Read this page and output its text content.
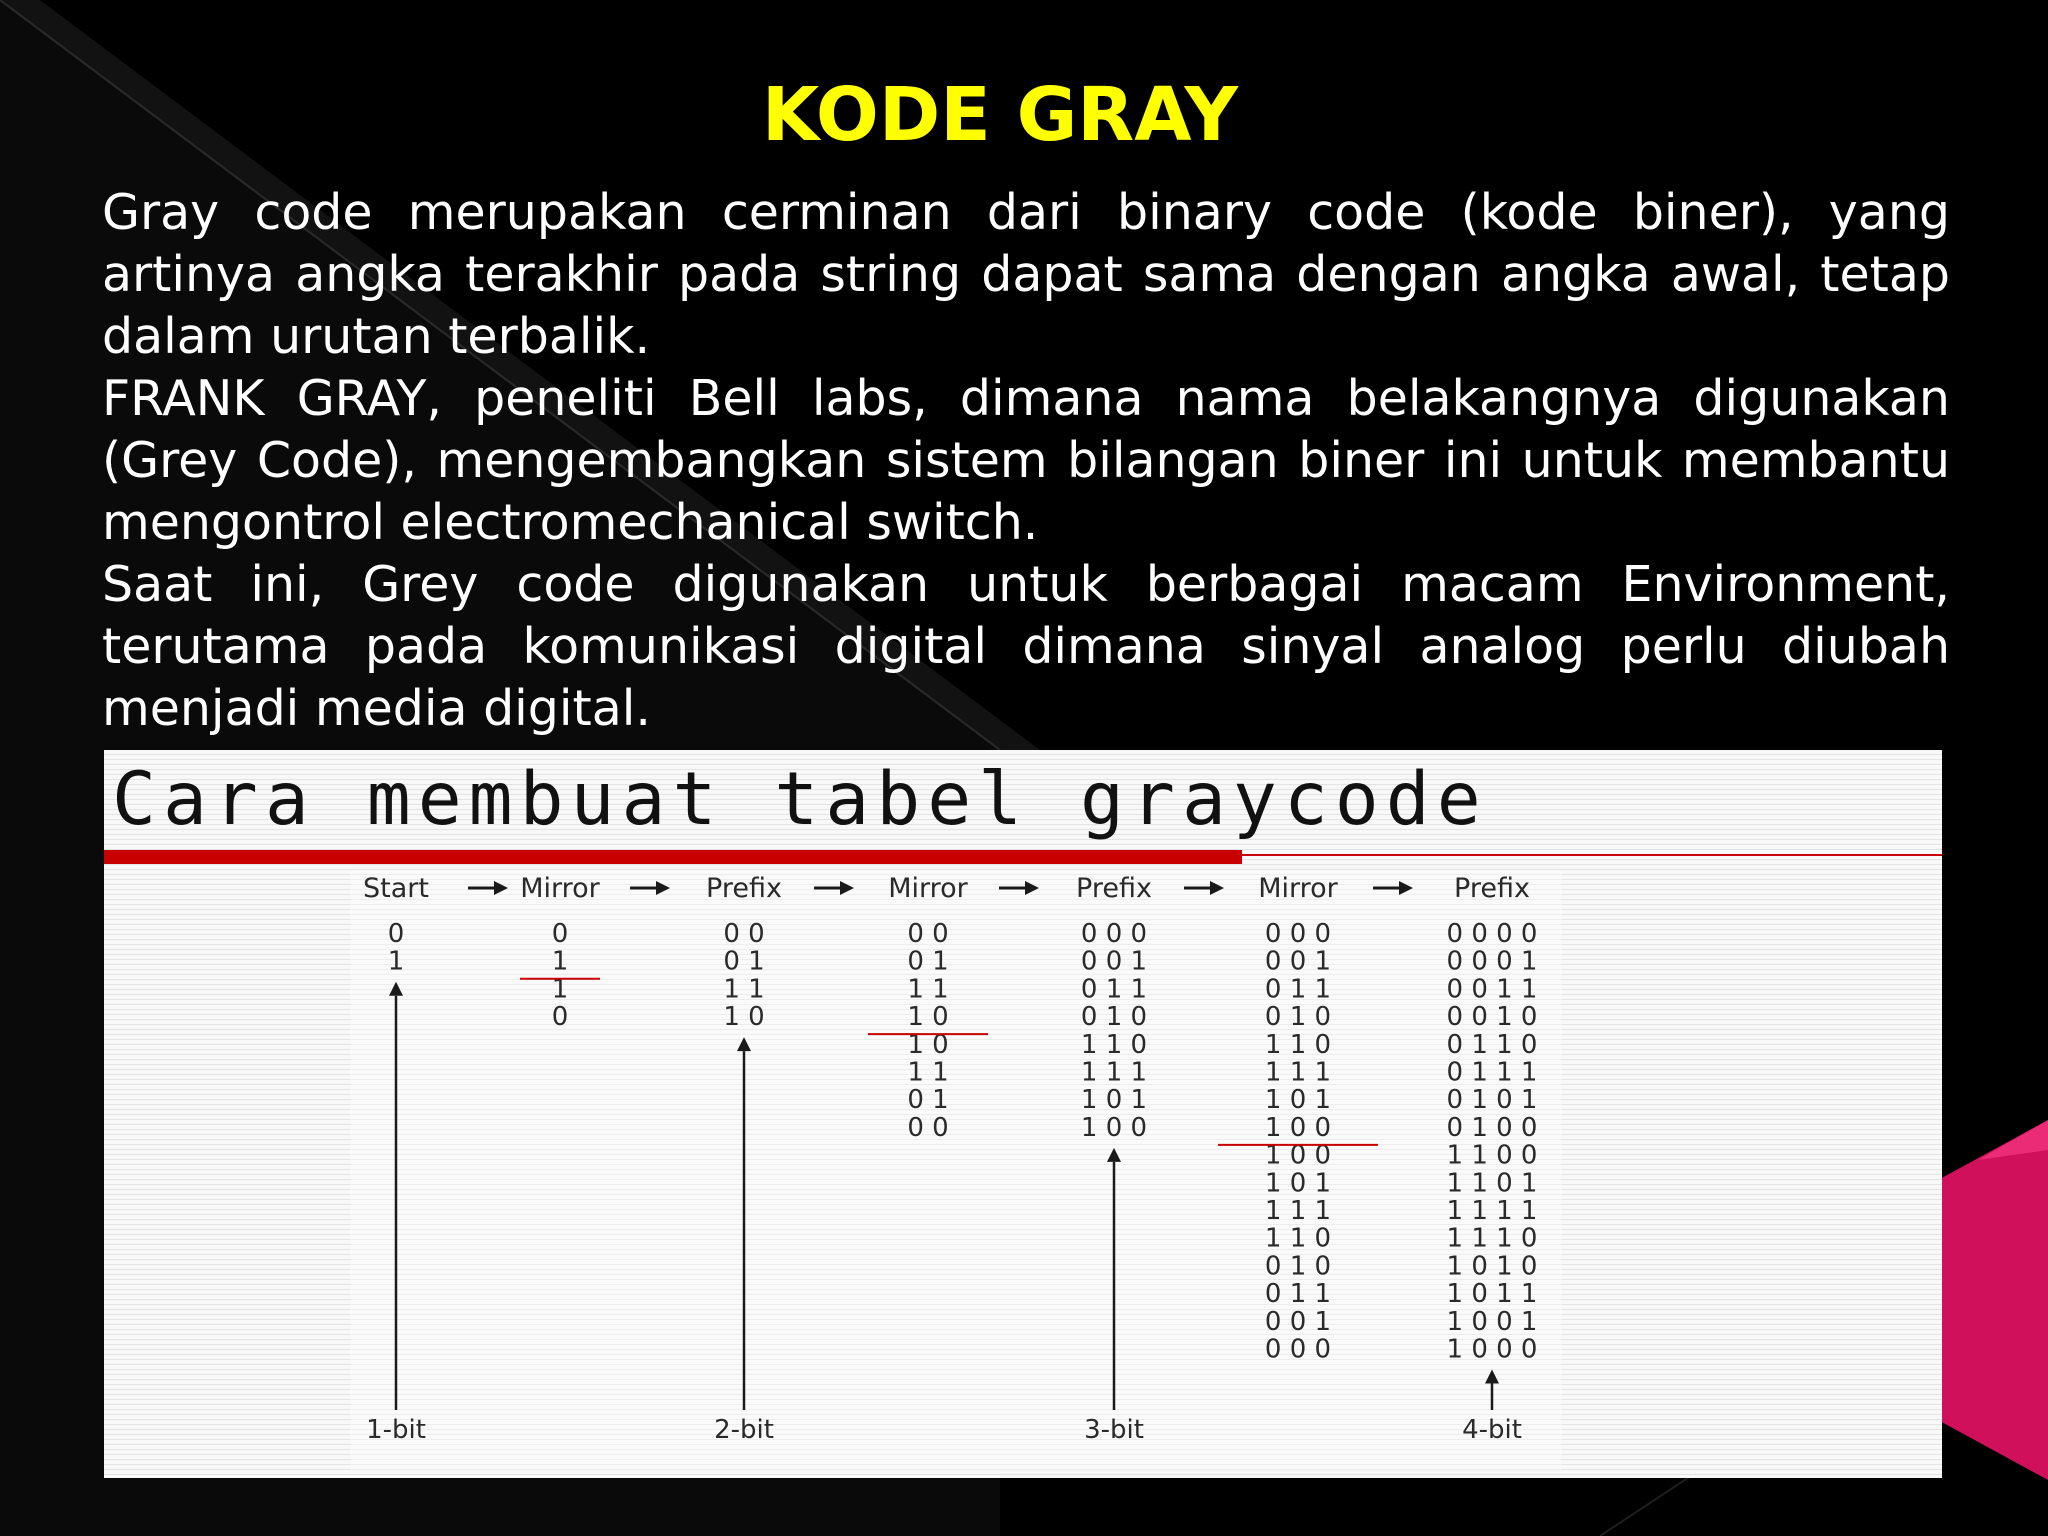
KODE GRAY

Gray code merupakan cerminan dari binary code (kode biner), yang artinya angka terakhir pada string dapat sama dengan angka awal, tetap dalam urutan terbalik.

FRANK GRAY, peneliti Bell labs, dimana nama belakangnya digunakan (Grey Code), mengembangkan sistem bilangan biner ini untuk membantu mengontrol electromechanical switch.

Saat ini, Grey code digunakan untuk berbagai macam Environment, terutama pada komunikasi digital dimana sinyal analog perlu diubah menjadi media digital.

Cara membuat tabel graycode
Start
0
1
1-bit
Mirror
0
1
1
0
Prefix
0 0
0 1
1 1
1 0
2-bit
Mirror
0 0
0 1
1 1
1 0
1 0
1 1
0 1
0 0
Prefix
0 0 0
0 0 1
0 1 1
0 1 0
1 1 0
1 1 1
1 0 1
1 0 0
3-bit
Mirror
0 0 0
0 0 1
0 1 1
0 1 0
1 1 0
1 1 1
1 0 1
1 0 0
1 0 0
1 0 1
1 1 1
1 1 0
0 1 0
0 1 1
0 0 1
0 0 0
Prefix
0 0 0 0
0 0 0 1
0 0 1 1
0 0 1 0
0 1 1 0
0 1 1 1
0 1 0 1
0 1 0 0
1 1 0 0
1 1 0 1
1 1 1 1
1 1 1 0
1 0 1 0
1 0 1 1
1 0 0 1
1 0 0 0
4-bit
